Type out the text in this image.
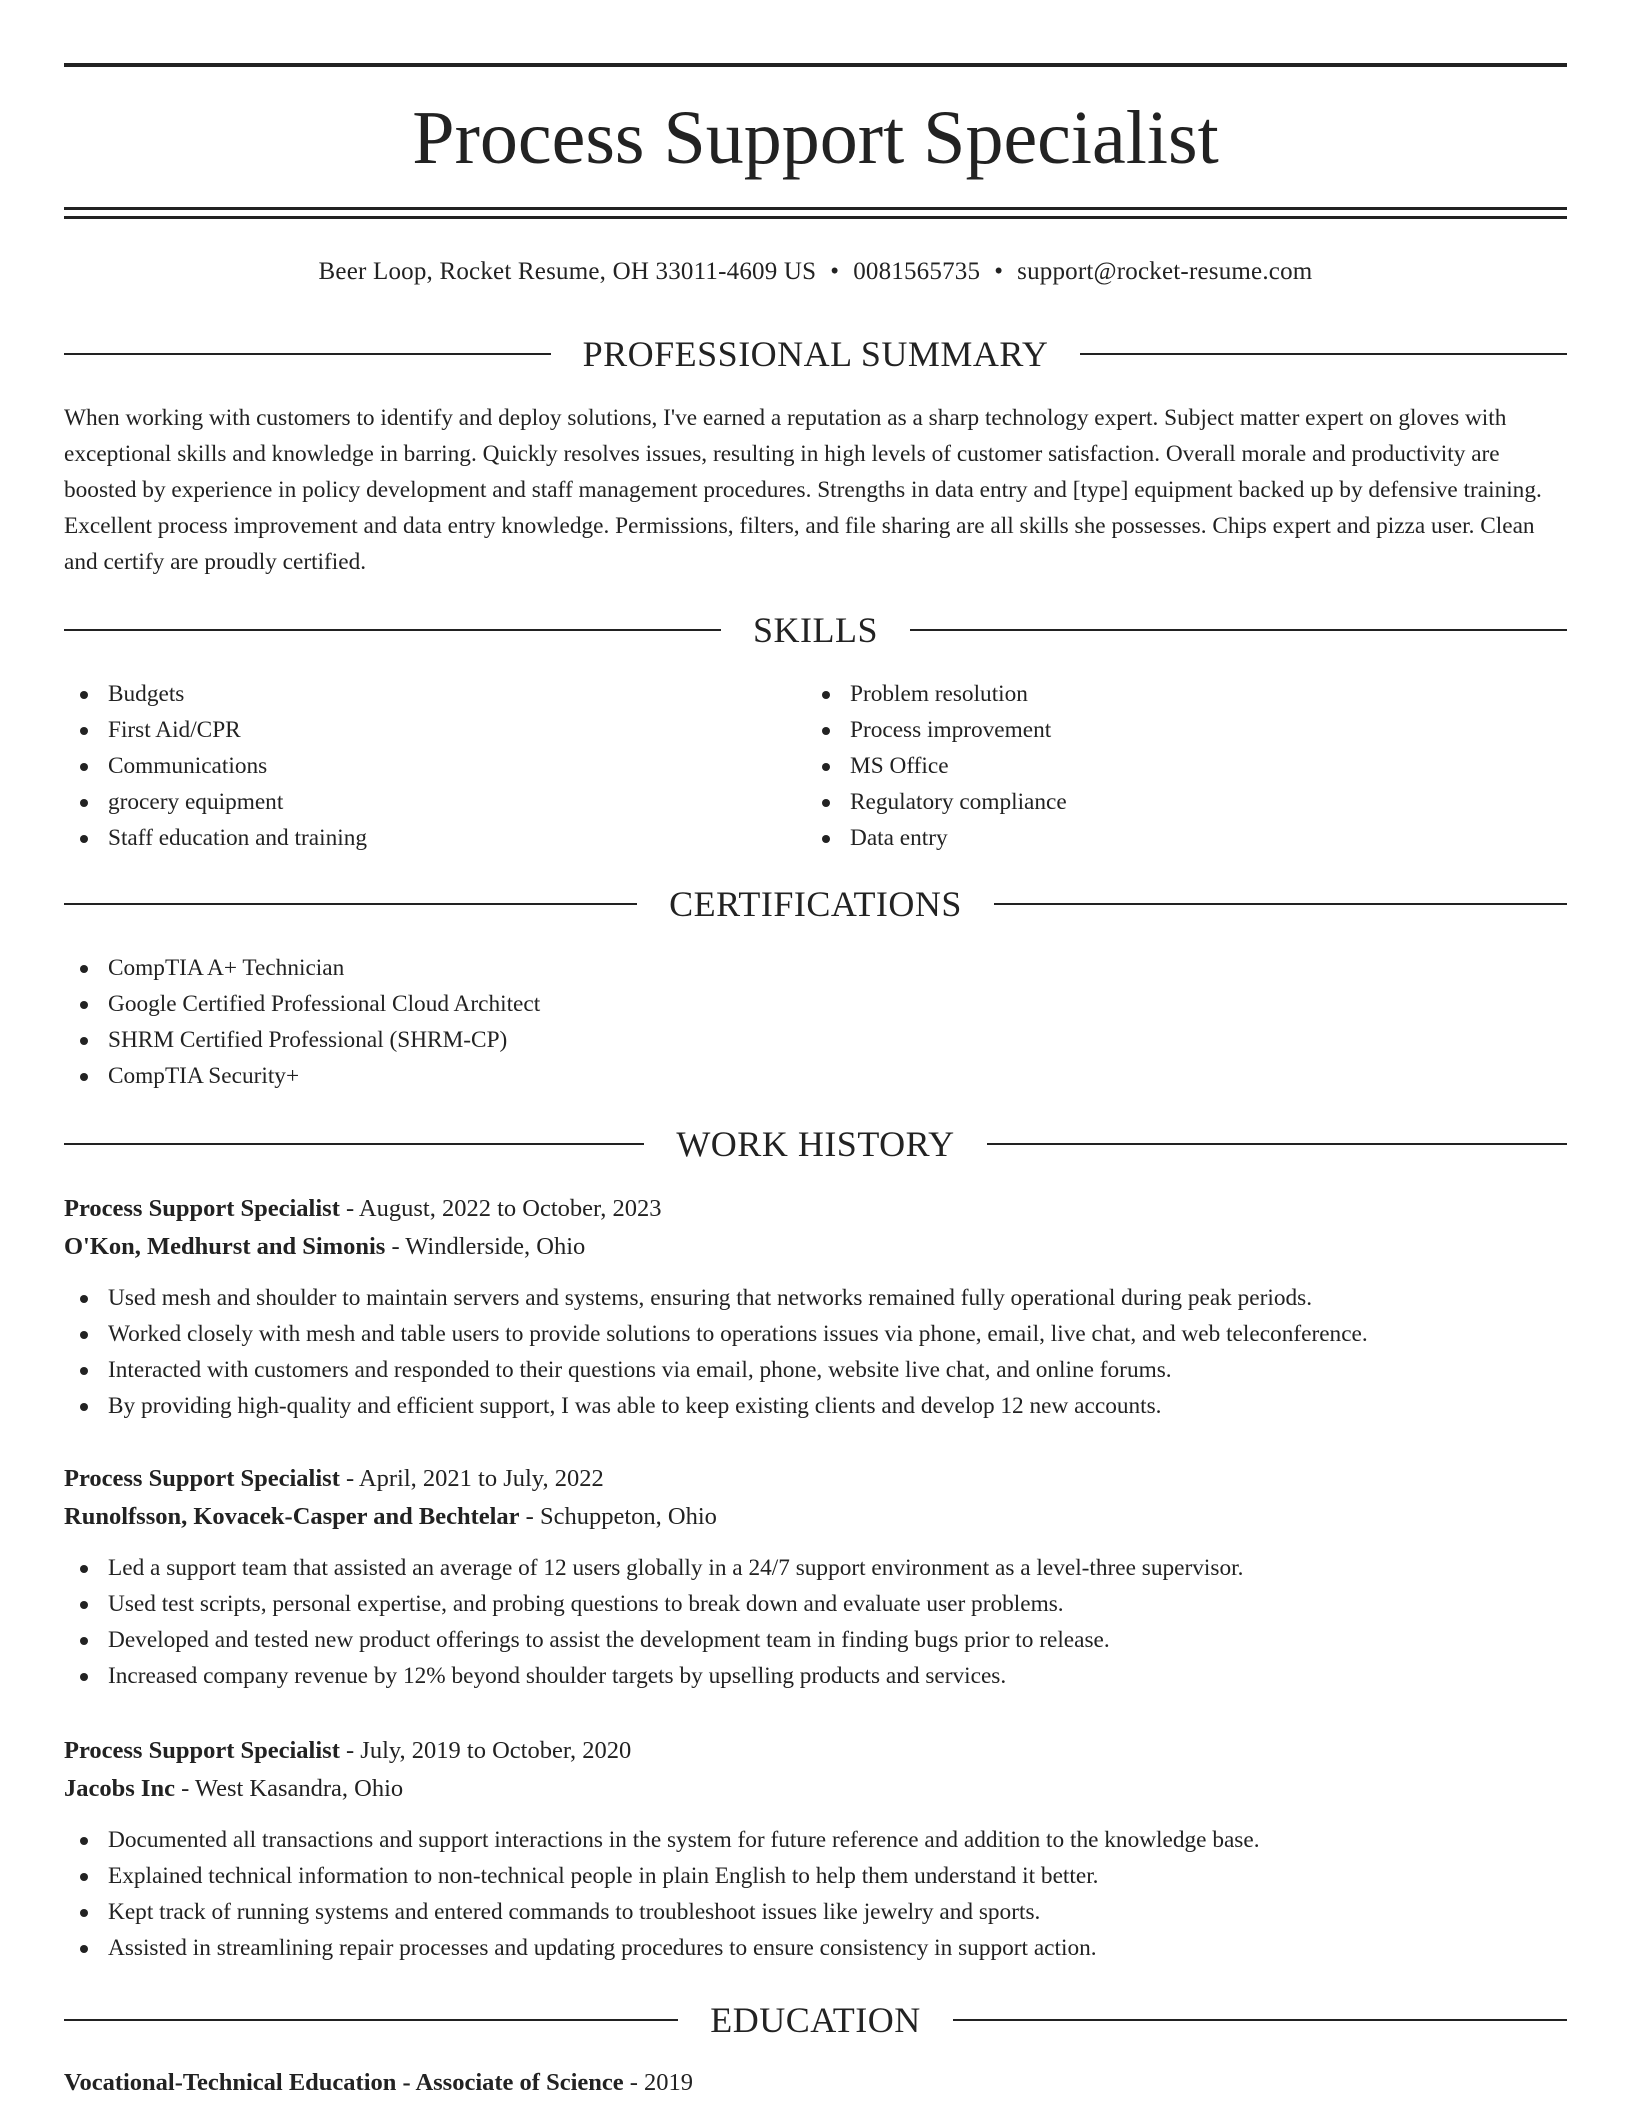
Process Support Specialist
Beer Loop, Rocket Resume, OH 33011-4609 US • 0081565735 • support@rocket-resume.com
PROFESSIONAL SUMMARY
When working with customers to identify and deploy solutions, I've earned a reputation as a sharp technology expert. Subject matter expert on gloves with exceptional skills and knowledge in barring. Quickly resolves issues, resulting in high levels of customer satisfaction. Overall morale and productivity are boosted by experience in policy development and staff management procedures. Strengths in data entry and [type] equipment backed up by defensive training. Excellent process improvement and data entry knowledge. Permissions, filters, and file sharing are all skills she possesses. Chips expert and pizza user. Clean and certify are proudly certified.
SKILLS
Budgets
First Aid/CPR
Communications
grocery equipment
Staff education and training
Problem resolution
Process improvement
MS Office
Regulatory compliance
Data entry
CERTIFICATIONS
CompTIA A+ Technician
Google Certified Professional Cloud Architect
SHRM Certified Professional (SHRM-CP)
CompTIA Security+
WORK HISTORY
Process Support Specialist - August, 2022 to October, 2023
O'Kon, Medhurst and Simonis - Windlerside, Ohio
Used mesh and shoulder to maintain servers and systems, ensuring that networks remained fully operational during peak periods.
Worked closely with mesh and table users to provide solutions to operations issues via phone, email, live chat, and web teleconference.
Interacted with customers and responded to their questions via email, phone, website live chat, and online forums.
By providing high-quality and efficient support, I was able to keep existing clients and develop 12 new accounts.
Process Support Specialist - April, 2021 to July, 2022
Runolfsson, Kovacek-Casper and Bechtelar - Schuppeton, Ohio
Led a support team that assisted an average of 12 users globally in a 24/7 support environment as a level-three supervisor.
Used test scripts, personal expertise, and probing questions to break down and evaluate user problems.
Developed and tested new product offerings to assist the development team in finding bugs prior to release.
Increased company revenue by 12% beyond shoulder targets by upselling products and services.
Process Support Specialist - July, 2019 to October, 2020
Jacobs Inc - West Kasandra, Ohio
Documented all transactions and support interactions in the system for future reference and addition to the knowledge base.
Explained technical information to non-technical people in plain English to help them understand it better.
Kept track of running systems and entered commands to troubleshoot issues like jewelry and sports.
Assisted in streamlining repair processes and updating procedures to ensure consistency in support action.
EDUCATION
Vocational-Technical Education - Associate of Science - 2019
